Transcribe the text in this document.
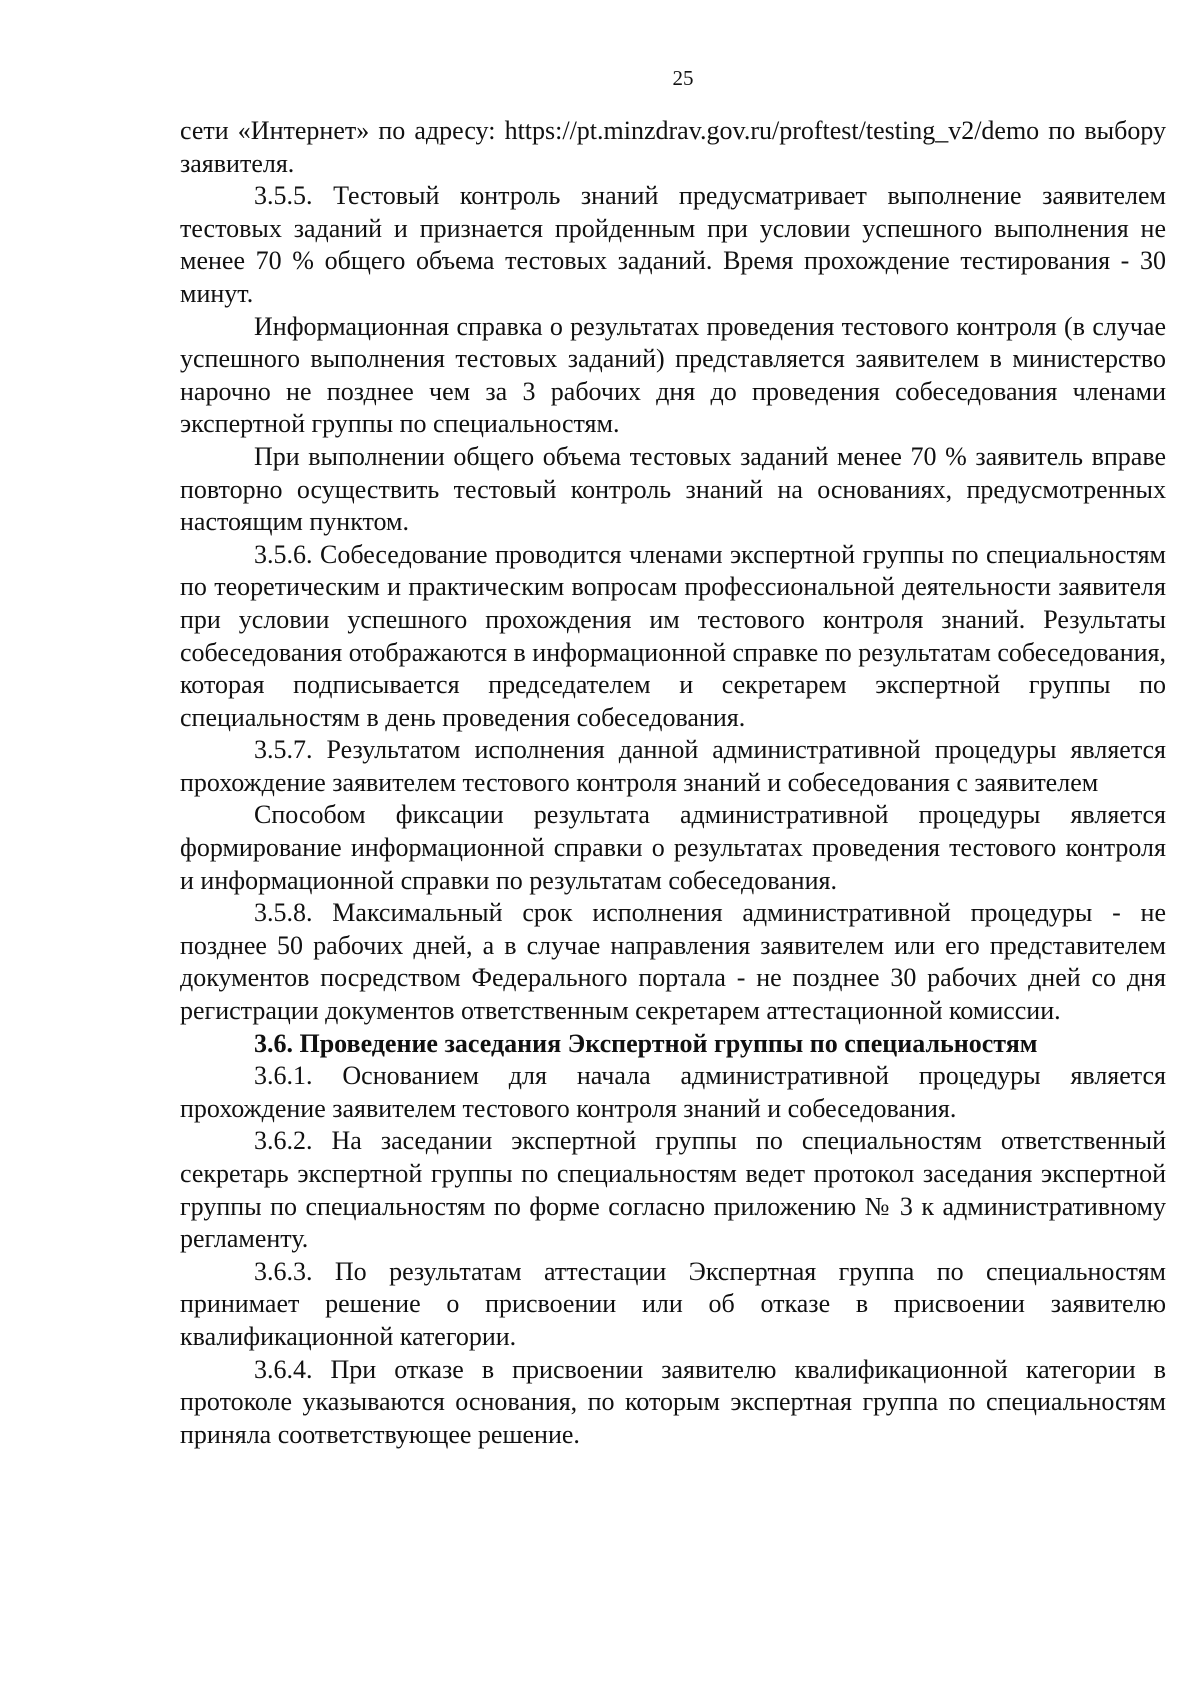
25

сети «Интернет» по адресу: https://pt.minzdrav.gov.ru/proftest/testing_v2/demo по выбору заявителя.

3.5.5. Тестовый контроль знаний предусматривает выполнение заявителем тестовых заданий и признается пройденным при условии успешного выполнения не менее 70 % общего объема тестовых заданий. Время прохождение тестирования - 30 минут.

Информационная справка о результатах проведения тестового контроля (в случае успешного выполнения тестовых заданий) представляется заявителем в министерство нарочно не позднее чем за 3 рабочих дня до проведения собеседования членами экспертной группы по специальностям.

При выполнении общего объема тестовых заданий менее 70 % заявитель вправе повторно осуществить тестовый контроль знаний на основаниях, предусмотренных настоящим пунктом.

3.5.6. Собеседование проводится членами экспертной группы по специальностям по теоретическим и практическим вопросам профессиональной деятельности заявителя при условии успешного прохождения им тестового контроля знаний. Результаты собеседования отображаются в информационной справке по результатам собеседования, которая подписывается председателем и секретарем экспертной группы по специальностям в день проведения собеседования.

3.5.7. Результатом исполнения данной административной процедуры является прохождение заявителем тестового контроля знаний и собеседования с заявителем

Способом фиксации результата административной процедуры является формирование информационной справки о результатах проведения тестового контроля и информационной справки по результатам собеседования.

3.5.8. Максимальный срок исполнения административной процедуры - не позднее 50 рабочих дней, а в случае направления заявителем или его представителем документов посредством Федерального портала - не позднее 30 рабочих дней со дня регистрации документов ответственным секретарем аттестационной комиссии.

3.6. Проведение заседания Экспертной группы по специальностям

3.6.1. Основанием для начала административной процедуры является прохождение заявителем тестового контроля знаний и собеседования.

3.6.2. На заседании экспертной группы по специальностям ответственный секретарь экспертной группы по специальностям ведет протокол заседания экспертной группы по специальностям по форме согласно приложению № 3 к административному регламенту.

3.6.3. По результатам аттестации Экспертная группа по специальностям принимает решение о присвоении или об отказе в присвоении заявителю квалификационной категории.

3.6.4. При отказе в присвоении заявителю квалификационной категории в протоколе указываются основания, по которым экспертная группа по специальностям приняла соответствующее решение.
